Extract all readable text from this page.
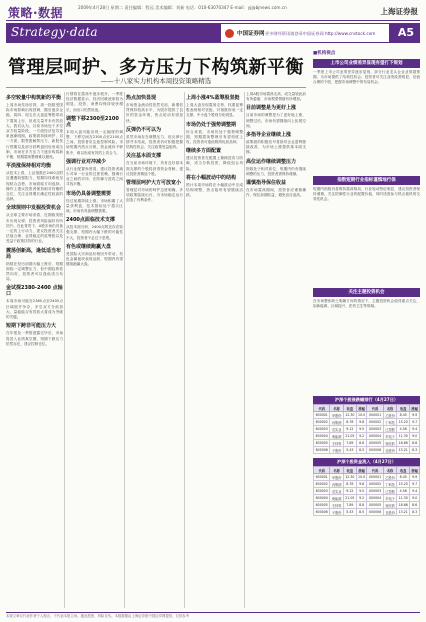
策略·数据	2009年4月28日 星期二 责任编辑：程远 美术编辑：刘新 电话：010-63070347 E-mail：yj@bjnews.com.cn	上海证券报
Strategy·data	中国证券网 更多财经资讯请登录中国证券网 http://www.cnstock.com A5
管理层呵护、多方压力下构筑新平衡
——十八家实力机构本周投资策略精选
多空较量中构筑新的平衡
上周市场先扬后抑，周一指数受国际市场影响出现回调，随后逐步企稳，周四、周五在大盘蓝筹股带动下震荡上行，但成交量并未有效放大。我们认为，目前市场处于多空双方较量阶段，一方面经济复苏迹象逐渐明朗，政策面持续呵护，另一方面，限售股解禁压力、新股发行预期以及部分获利盘回吐形成压制，市场在多方压力下逐步构筑新平衡，短期震荡整理难以避免。
平淡涨保持相对均衡
从技术上看，上证指数在2400点附近遭遇较强阻力，短期均线系统呈现粘合态势，市场面临方向选择。操作上建议投资者保持相对均衡的仓位，关注业绩增长确定性较高的品种。
全球规则中发掘投资机会
从全球主要市场来看，近期欧美股市出现反弹，投资者风险偏好有所回升。在此背景下，A股市场仍具备一定的上行动力，建议投资者关注估值合理、业绩稳定的蓝筹股以及受益于政策扶持的行业。
震荡创新高，逢低适当布局
指数在经历前期大幅上涨后，短期面临一定调整压力，但中期趋势依然向好，投资者可以逢低适当布局。
金试探2380-2400 点轴口
本周市场可能在2380点至2400点区域展开争夺，多空双方分歧加大，量能能否有效放大将成为突破的关键。
短期下跨非可能压力大
在年报及一季报披露完毕后，市场将进入业绩真空期，短期下跌压力依然存在，建议控制仓位。
行情将在震荡中逐步展开，一季度经济数据显示，经济回暖迹象较为明显，投资、消费均保持较快增长，而出口仍然低迷。
调整下移2300至2100点
本周大盘可能出现一定幅度的调整，下移空间在2300点至2100点之间，投资者应注意控制风险。市场短期内热点分散，资金流向不够集中，难以形成有效的上攻合力。
强调行业对冲减少
从行业配置角度看，建议投资者减少对单一行业的过度依赖，强调行业之间的对冲，在防御与进攻之间寻找平衡。
市场仍具备调整需要
经过前期持续上涨，市场积累了大量获利盘，技术指标处于超买区域，市场仍具备调整需要。
2400点面临技术支撑
从技术面分析，2400点附近存在较强支撑，短期内大幅下跌的可能性不大，投资者不必过于悲观。
有色或继续跑赢大盘
受国际大宗商品价格回升带动，有色金属板块表现活跃，短期内有望继续跑赢大盘。
热点加快显现
市场资金流动性依然充裕，新增信贷保持较高水平，为股市提供了良好的资金环境，热点轮动有望加快。
反弹仍不可以为
虽然市场存在调整压力，但反弹行情并未结束，投资者仍可积极把握结构性机会，关注政策受益板块。
关注基本面支撑
在当前市场环境下，具有良好基本面支撑的个股将获得资金青睐，建议投资者精选个股。
管理层呵护大方可放宽小
管理层对市场的呵护态度明确，多项政策陆续出台，为市场稳定运行创造了有利条件。
上周小涨4%蓝筹股坚挺
上周大盘呈现震荡走势，权重蓝筹股表现相对坚挺，对指数形成一定支撑，中小盘个股则分化明显。
市场仍处于强势调整期
综合来看，市场仍处于强势调整期，短期震荡整理后有望再度上攻，投资者可逢低吸纳优质品种。
继续多方面配置
建议投资者在配置上兼顾进攻与防御，适当分散投资，降低组合风险。
将在小幅波动中的结构
预计本周市场将在小幅波动中完成结构调整，热点板块有望继续活跃。
上周A股市场震荡走高，成交量较此前有所萎缩，市场观望情绪有所增加。
目前调整是为更好上涨
目前市场的调整是为了更好地上涨，调整过后，市场有望继续向上拓展空间。
多指导企业继续上涨
政策面的积极信号将指导企业盈利继续改善，为市场上涨提供基本面支撑。
高位运作继续调整压力
指数处于相对高位，短期内仍有继续调整的压力，投资者需保持谨慎。
谨慎指导保住收益
在市场震荡期间，投资者应谨慎操作，保住前期收益，避免盲目追高。
■机构视点
上市公司业绩差异显现有望打下规划
一季度上市公司业绩差异逐步显现，部分行业龙头企业业绩超预期，为市场提供了结构性机会。投资者可关注业绩改善明显、估值合理的个股，把握市场调整中的布局机会。
指数短期行业指标谨慎地行保
短期内指数仍将维持震荡格局，行业轮动特征明显，建议投资者保持谨慎，关注防御性行业的配置价值，同时适度参与热点板块的交易性机会。
关注主题投资机会
在市场整体缺乏明确方向的情况下，主题投资机会值得重点关注，如新能源、区域振兴、医药卫生等领域。
沪深个股涨跌幅排行（4月27日）
代码	名称	收盘	涨幅	代码	名称	收盘	涨幅
600001	甲股份	12.30	10.0	000001	乙股份	8.45	9.9
600002	丙集团	6.78	9.8	000002	丁科技	15.20	9.7
600003	戊实业	9.12	9.5	000003	己控股	4.56	9.4
600004	庚能源	21.05	9.2	000004	辛电子	11.30	9.0
600005	壬材料	7.89	8.8	000005	癸医药	18.66	8.6
600006	子股份	5.43	8.5	000006	丑股份	13.21	8.3
沪深个股资金流入（4月27日）
代码	名称	收盘	涨幅	代码	名称	收盘	涨幅
600001	甲股份	12.30	10.0	000001	乙股份	8.45	9.9
600002	丙集团	6.78	9.8	000002	丁科技	15.20	9.7
600003	戊实业	9.12	9.5	000003	己控股	4.56	9.4
600004	庚能源	21.05	9.2	000004	辛电子	11.30	9.0
600005	壬材料	7.89	8.8	000005	癸医药	18.66	8.6
600006	子股份	5.43	8.5	000006	丑股份	13.21	8.3
本版文章仅代表作者个人观点，不代表本报立场。据此投资，风险自负。本版数据由上海证券报中国证券网提供，仅供参考
